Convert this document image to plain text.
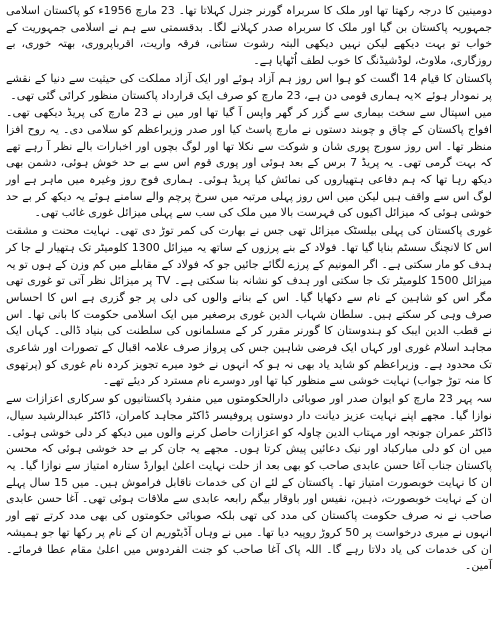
دومینین کا درجہ رکھتا تھا اور ملک کا سربراہ گورنر جنرل کہلاتا تھا۔ 23 مارچ 1956ء کو پاکستان اسلامی جمہوریہ پاکستان بن گیا اور ملک کا سربراہ صدر کہلانے لگا۔ بدقسمتی سے ہم نے اسلامی جمہوریت کے خواب تو بہت دیکھے لیکن نہیں دیکھی البتہ رشوت ستانی، فرقہ واریت، اقرباپروری، بھتہ خوری، بے روزگاری، ملاوٹ، لوڈشیڈنگ کا خوب لطف اُٹھایا ہے۔

پاکستان کا قیام 14 اگست کو ہوا اس روز ہم آزاد ہوئے اور ایک آزاد مملکت کی حیثیت سے دنیا کے نقشے پر نمودار ہوئے ×یہ ہماری قومی دن ہے، 23 مارچ کو صرف ایک قرارداد پاکستان منظور کرائی گئی تھی۔

میں اسپتال سے سخت بیماری سے گزر کر گھر واپس آ گیا تھا اور میں نے 23 مارچ کی پریڈ دیکھی تھی۔ افواج پاکستان کے چاق و چوبند دستوں نے مارچ پاسٹ کیا اور صدر وزیراعظم کو سلامی دی۔ یہ روح افزا منظر تھا۔ اس روز سورج پوری شان و شوکت سے نکلا تھا اور لوگ بچوں اور اخبارات بالے نظر آ رہے تھے کہ بہت گرمی تھی۔ یہ پریڈ 7 برس کے بعد ہوئی اور پوری قوم اس سے بے حد خوش ہوئی، دشمن بھی دیکھ رہا تھا کہ ہم دفاعی ہتھیاروں کی نمائش کیا پریڈ ہوئی۔ ہماری فوج روز وغیرہ میں ماہر ہے اور لوگ اس سے واقف ہیں لیکن میں اس روز پہلی مرتبہ میں سرخ پرچم والے سامنے ہوئے یہ دیکھ کر بے حد خوشی ہوئی کہ میزائل اکیوں کی فہرست بالا میں ملک کی سب سے پہلی میزائل غوری غائب تھی۔

غوری پاکستان کی پہلی بیلسٹک میزائل تھی جس نے بھارت کی کمر توڑ دی تھی۔ نہایت محنت و مشقت اس کا لانچنگ سسٹم بنایا گیا تھا۔ فولاد کے بنے پرزوں کے ساتھ یہ میزائل 1300 کلومیٹر تک ہتھیار لے جا کر ہدف کو مار سکتی ہے۔ اگر المونیم کے پرزے لگائے جائیں جو کہ فولاد کے مقابلے میں کم وزن کے ہوں تو یہ میزائل 1500 کلومیٹر تک جا سکتی اور ہدف کو نشانہ بنا سکتی ہے۔ TV پر میزائل نظر آتی تو غوری تھی مگر اس کو شاہین کے نام سے دکھایا گیا۔ اس کے بنانے والوں کی دلی پر جو گزری ہے اس کا احساس صرف وہی کر سکتے ہیں۔ سلطان شہاب الدین غوری برصغیر میں ایک اسلامی حکومت کا بانی تھا۔ اس نے قطب الدین ایبک کو ہندوستان کا گورنر مقرر کر کے مسلمانوں کی سلطنت کی بنیاد ڈالی۔ کہاں ایک مجاہد اسلام غوری اور کہاں ایک فرضی شاہین جس کی پرواز صرف علامہ اقبال کے تصورات اور شاعری تک محدود ہے۔ وزیراعظم کو شاید یاد بھی نہ ہو کہ انہوں نے خود میرے تجویز کردہ نام غوری کو (پرتھوی کا منہ توڑ جواب) نہایت خوشی سے منظور کیا تھا اور دوسرے نام مسترد کر دیئے تھے۔

سہ پہر 23 مارچ کو ایوان صدر اور صوبائی دارالحکومتوں میں منفرد پاکستانیوں کو سرکاری اعزازات سے نوازا گیا۔ مجھے اپنے نہایت عزیز دیانت دار دوستوں پروفیسر ڈاکٹر مجاہد کامران، ڈاکٹر عبدالرشید سیال، ڈاکٹر عمران جونجہ اور مہتاب الدین چاولہ کو اعزازات حاصل کرنے والوں میں دیکھ کر دلی خوشی ہوئی۔ میں ان کو دلی مبارکباد اور نیک دعائیں پیش کرتا ہوں۔ مجھے یہ جان کر بے حد خوشی ہوئی کہ محسن پاکستان جناب آغا حسن عابدی صاحب کو بھی بعد از حلت نہایت اعلیٰ ایوارڈ ستارہ امتیاز سے نوازا گیا۔ یہ ان کا نہایت خوبصورت امتیاز تھا۔ پاکستان کے لئے ان کی خدمات ناقابل فراموش ہیں۔ میں 15 سال پہلے ان کے نہایت خوبصورت، ذہین، نفیس اور باوقار بیگم رابعہ عابدی سے ملاقات ہوئی تھی۔ آغا حسن عابدی صاحب نے نہ صرف حکومت پاکستان کی مدد کی تھی بلکہ صوبائی حکومتوں کی بھی مدد کرتے تھے اور انہوں نے میری درخواست پر 50 کروڑ روپیہ دیا تھا۔ میں نے وہاں آڈیٹوریم ان کے نام پر رکھا تھا جو ہمیشہ ان کی خدمات کی یاد دلاتا رہے گا۔ اللہ پاک آغا صاحب کو جنت الفردوس میں اعلیٰ مقام عطا فرمائے۔ آمین۔
